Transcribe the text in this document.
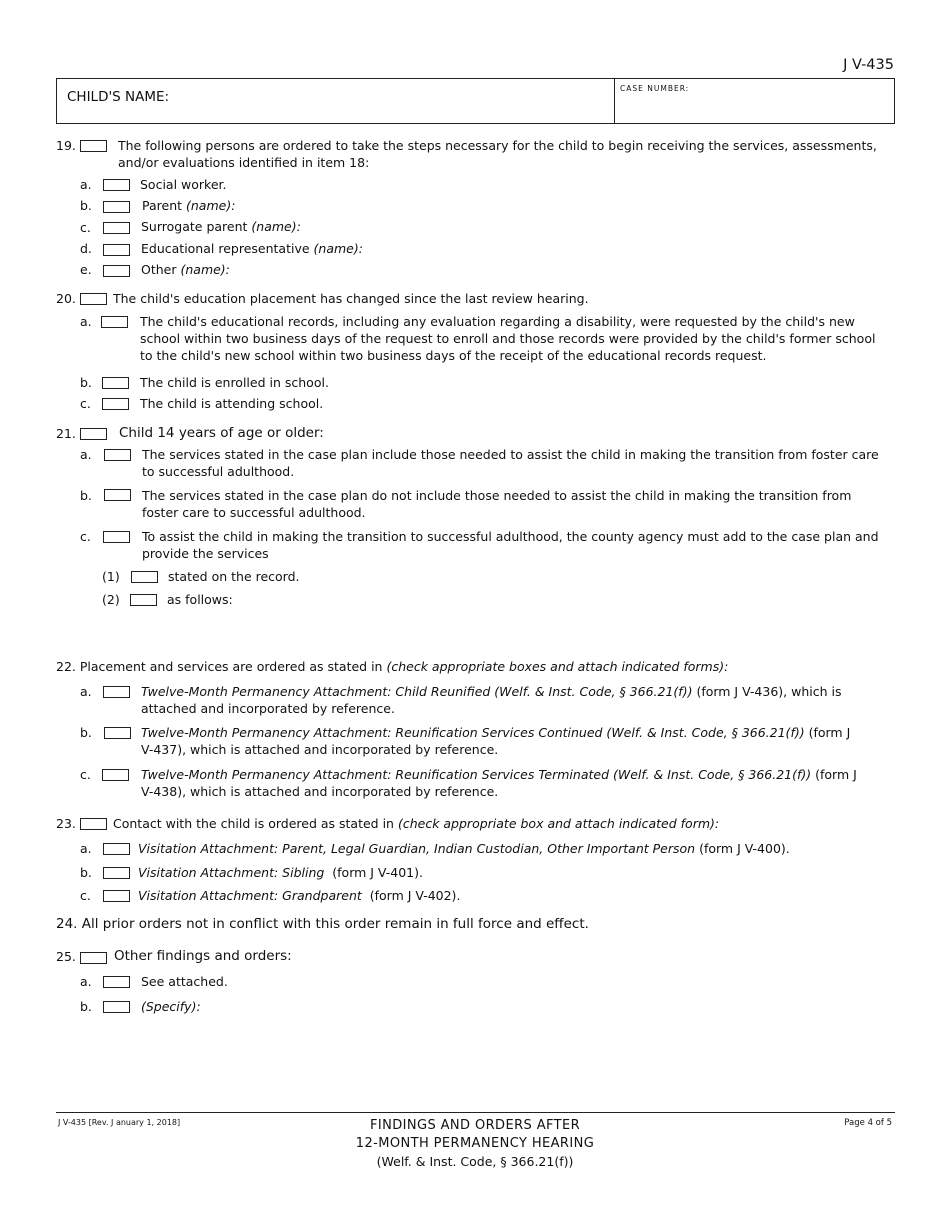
J V-435
CHILD'S NAME:
CASE NUMBER:
19.	The following persons are ordered to take the steps necessary for the child to begin receiving the services, assessments, and/or evaluations identified in item 18:
a.	Social worker.
b.	Parent (name):
c.	Surrogate parent (name):
d.	Educational representative (name):
e.	Other (name):
20.	The child's education placement has changed since the last review hearing.
a.	The child's educational records, including any evaluation regarding a disability, were requested by the child's new school within two business days of the request to enroll and those records were provided by the child's former school to the child's new school within two business days of the receipt of the educational records request.
b.	The child is enrolled in school.
c.	The child is attending school.
21.	Child 14 years of age or older:
a.	The services stated in the case plan include those needed to assist the child in making the transition from foster care to successful adulthood.
b.	The services stated in the case plan do not include those needed to assist the child in making the transition from foster care to successful adulthood.
c.	To assist the child in making the transition to successful adulthood, the county agency must add to the case plan and provide the services
(1)	stated on the record.
(2)	as follows:
22. Placement and services are ordered as stated in (check appropriate boxes and attach indicated forms):
a.	Twelve-Month Permanency Attachment: Child Reunified (Welf. & Inst. Code, § 366.21(f)) (form J V-436), which is attached and incorporated by reference.
b.	Twelve-Month Permanency Attachment: Reunification Services Continued (Welf. & Inst. Code, § 366.21(f)) (form J V-437), which is attached and incorporated by reference.
c.	Twelve-Month Permanency Attachment: Reunification Services Terminated (Welf. & Inst. Code, § 366.21(f)) (form J V-438), which is attached and incorporated by reference.
23.	Contact with the child is ordered as stated in (check appropriate box and attach indicated form):
a.	Visitation Attachment: Parent, Legal Guardian, Indian Custodian, Other Important Person (form J V-400).
b.	Visitation Attachment: Sibling (form J V-401).
c.	Visitation Attachment: Grandparent (form J V-402).
24. All prior orders not in conflict with this order remain in full force and effect.
25.	Other findings and orders:
a.	See attached.
b.	(Specify):
J V-435 [Rev. J anuary 1, 2018]	Page 4 of 5
FINDINGS AND ORDERS AFTER
12-MONTH PERMANENCY HEARING
(Welf. & Inst. Code, § 366.21(f))
